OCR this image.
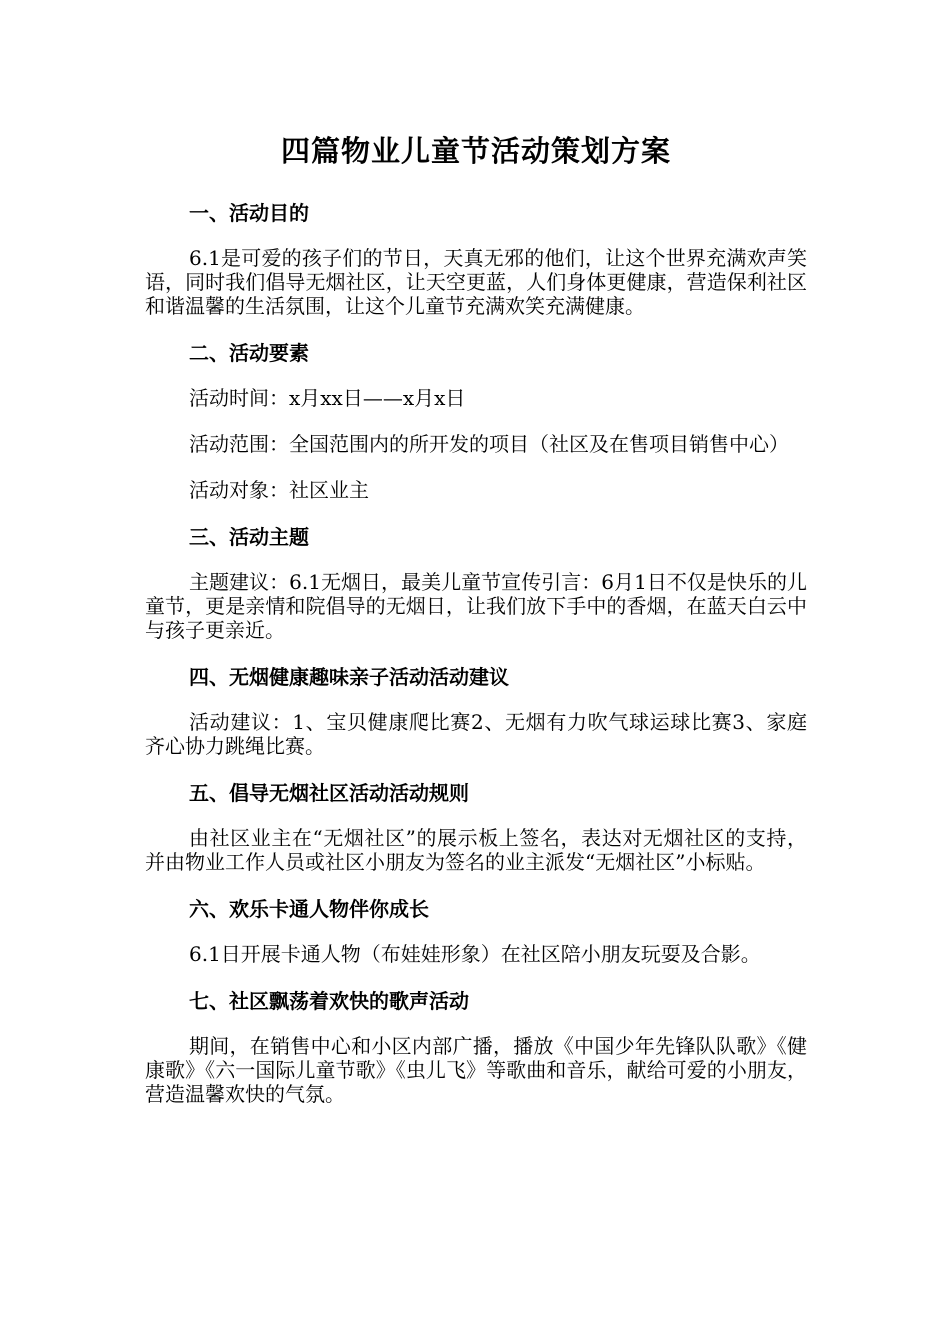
四篇物业儿童节活动策划方案
一、活动目的
6.1是可爱的孩子们的节日，天真无邪的他们，让这个世界充满欢声笑语，同时我们倡导无烟社区，让天空更蓝，人们身体更健康，营造保利社区和谐温馨的生活氛围，让这个儿童节充满欢笑充满健康。
二、活动要素
活动时间：x月xx日——x月x日
活动范围：全国范围内的所开发的项目（社区及在售项目销售中心）
活动对象：社区业主
三、活动主题
主题建议：6.1无烟日，最美儿童节宣传引言：6月1日不仅是快乐的儿童节，更是亲情和院倡导的无烟日，让我们放下手中的香烟，在蓝天白云中与孩子更亲近。
四、无烟健康趣味亲子活动活动建议
活动建议：1、宝贝健康爬比赛2、无烟有力吹气球运球比赛3、家庭齐心协力跳绳比赛。
五、倡导无烟社区活动活动规则
由社区业主在“无烟社区”的展示板上签名，表达对无烟社区的支持，并由物业工作人员或社区小朋友为签名的业主派发“无烟社区”小标贴。
六、欢乐卡通人物伴你成长
6.1日开展卡通人物（布娃娃形象）在社区陪小朋友玩耍及合影。
七、社区飘荡着欢快的歌声活动
期间，在销售中心和小区内部广播，播放《中国少年先锋队队歌》《健康歌》《六一国际儿童节歌》《虫儿飞》等歌曲和音乐，献给可爱的小朋友，营造温馨欢快的气氛。
